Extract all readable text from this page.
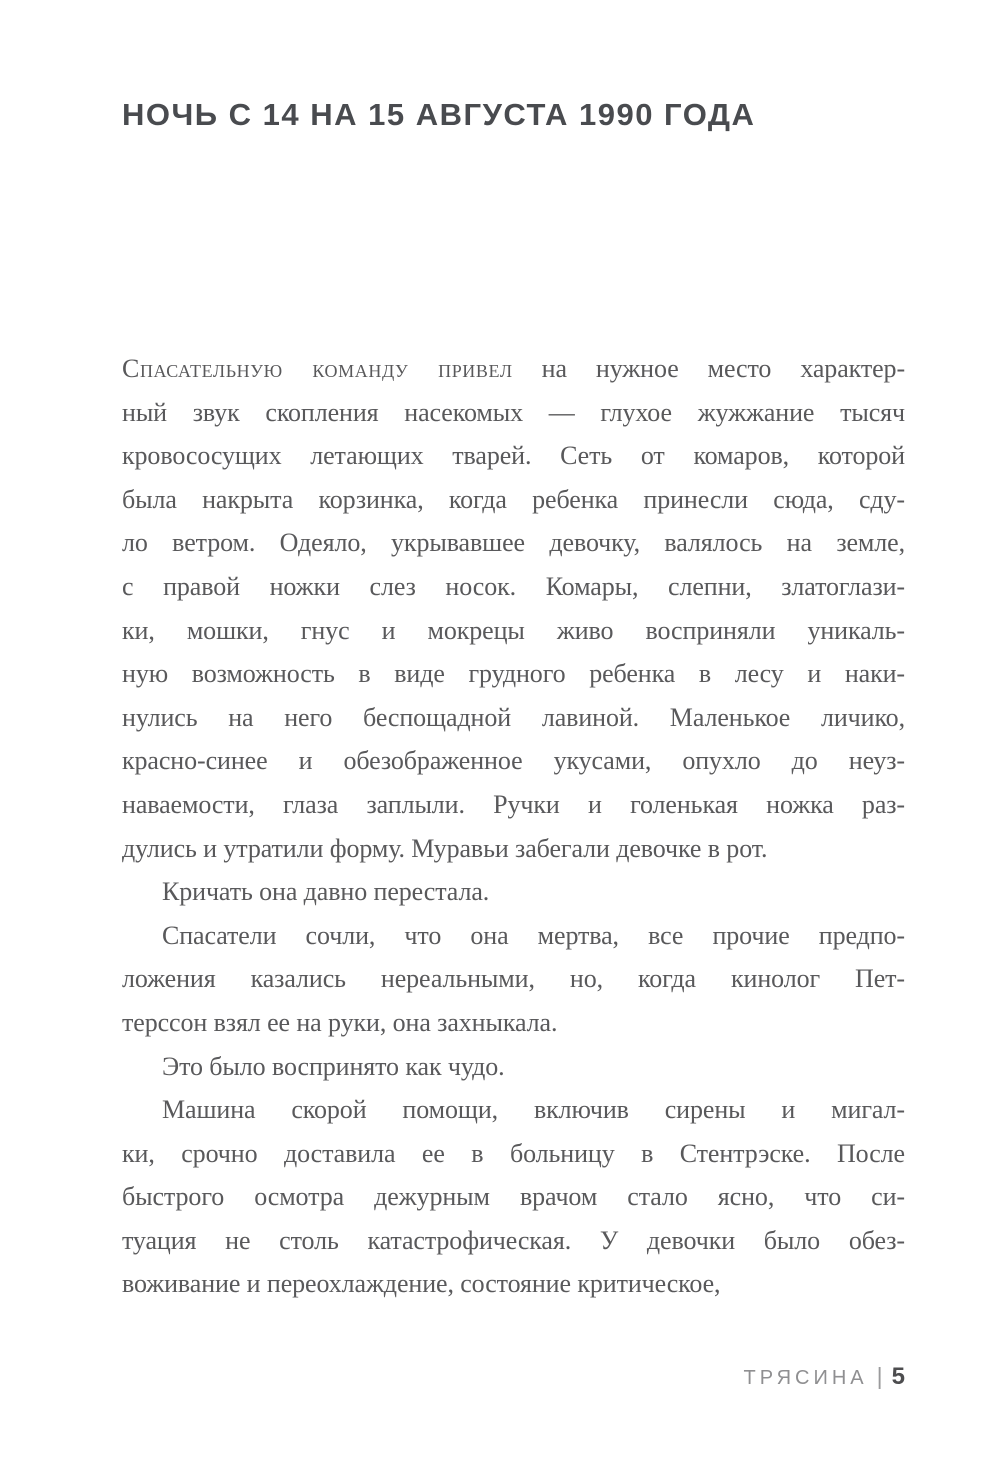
НОЧЬ С 14 НА 15 АВГУСТА 1990 ГОДА
Спасательную команду привел на нужное место характер-
ный звук скопления насекомых — глухое жужжание тысяч
кровососущих летающих тварей. Сеть от комаров, которой
была накрыта корзинка, когда ребенка принесли сюда, сду-
ло ветром. Одеяло, укрывавшее девочку, валялось на земле,
с правой ножки слез носок. Комары, слепни, златоглази-
ки, мошки, гнус и мокрецы живо восприняли уникаль-
ную возможность в виде грудного ребенка в лесу и наки-
нулись на него беспощадной лавиной. Маленькое личико,
красно-синее и обезображенное укусами, опухло до неуз-
наваемости, глаза заплыли. Ручки и голенькая ножка раз-
дулись и утратили форму. Муравьи забегали девочке в рот.
Кричать она давно перестала.
Спасатели сочли, что она мертва, все прочие предпо-
ложения казались нереальными, но, когда кинолог Пет-
терссон взял ее на руки, она захныкала.
Это было воспринято как чудо.
Машина скорой помощи, включив сирены и мигал-
ки, срочно доставила ее в больницу в Стентрэске. После
быстрого осмотра дежурным врачом стало ясно, что си-
туация не столь катастрофическая. У девочки было обез-
воживание и переохлаждение, состояние критическое,
ТРЯСИНА | 5
